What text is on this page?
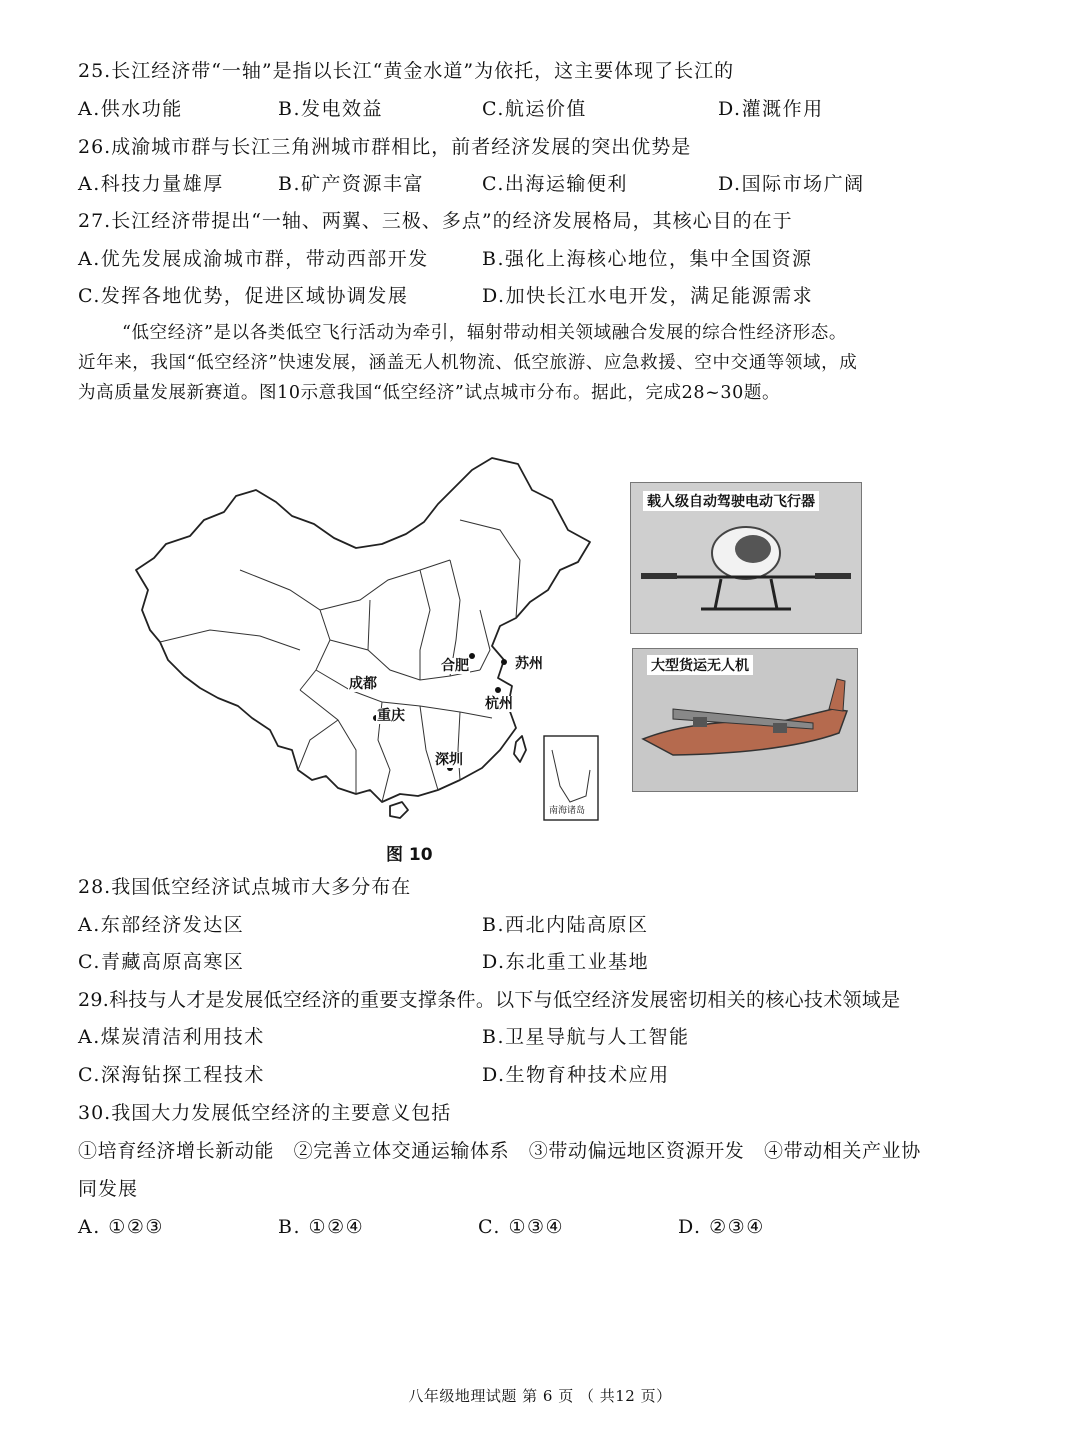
25.长江经济带“一轴”是指以长江“黄金水道”为依托，这主要体现了长江的
A.供水功能	B.发电效益	C.航运价值	D.灌溉作用
26.成渝城市群与长江三角洲城市群相比，前者经济发展的突出优势是
A.科技力量雄厚	B.矿产资源丰富	C.出海运输便利	D.国际市场广阔
27.长江经济带提出“一轴、两翼、三极、多点”的经济发展格局，其核心目的在于
A.优先发展成渝城市群，带动西部开发	B.强化上海核心地位，集中全国资源
C.发挥各地优势，促进区域协调发展	D.加快长江水电开发，满足能源需求

“低空经济”是以各类低空飞行活动为牵引，辐射带动相关领域融合发展的综合性经济形态。

近年来，我国“低空经济”快速发展，涵盖无人机物流、低空旅游、应急救援、空中交通等领域，成

为高质量发展新赛道。图10示意我国“低空经济”试点城市分布。据此，完成28~30题。

成都
重庆
合肥	苏州
杭州
深圳
南海诸岛
载人级自动驾驶电动飞行器
大型货运无人机
图 10
28.我国低空经济试点城市大多分布在
A.东部经济发达区	B.西北内陆高原区
C.青藏高原高寒区	D.东北重工业基地
29.科技与人才是发展低空经济的重要支撑条件。以下与低空经济发展密切相关的核心技术领域是
A.煤炭清洁利用技术	B.卫星导航与人工智能
C.深海钻探工程技术	D.生物育种技术应用
30.我国大力发展低空经济的主要意义包括
①培育经济增长新动能　②完善立体交通运输体系　③带动偏远地区资源开发　④带动相关产业协
同发展
A. ①②③	B. ①②④	C. ①③④	D. ②③④
八年级地理试题 第 6 页 （ 共12 页）
